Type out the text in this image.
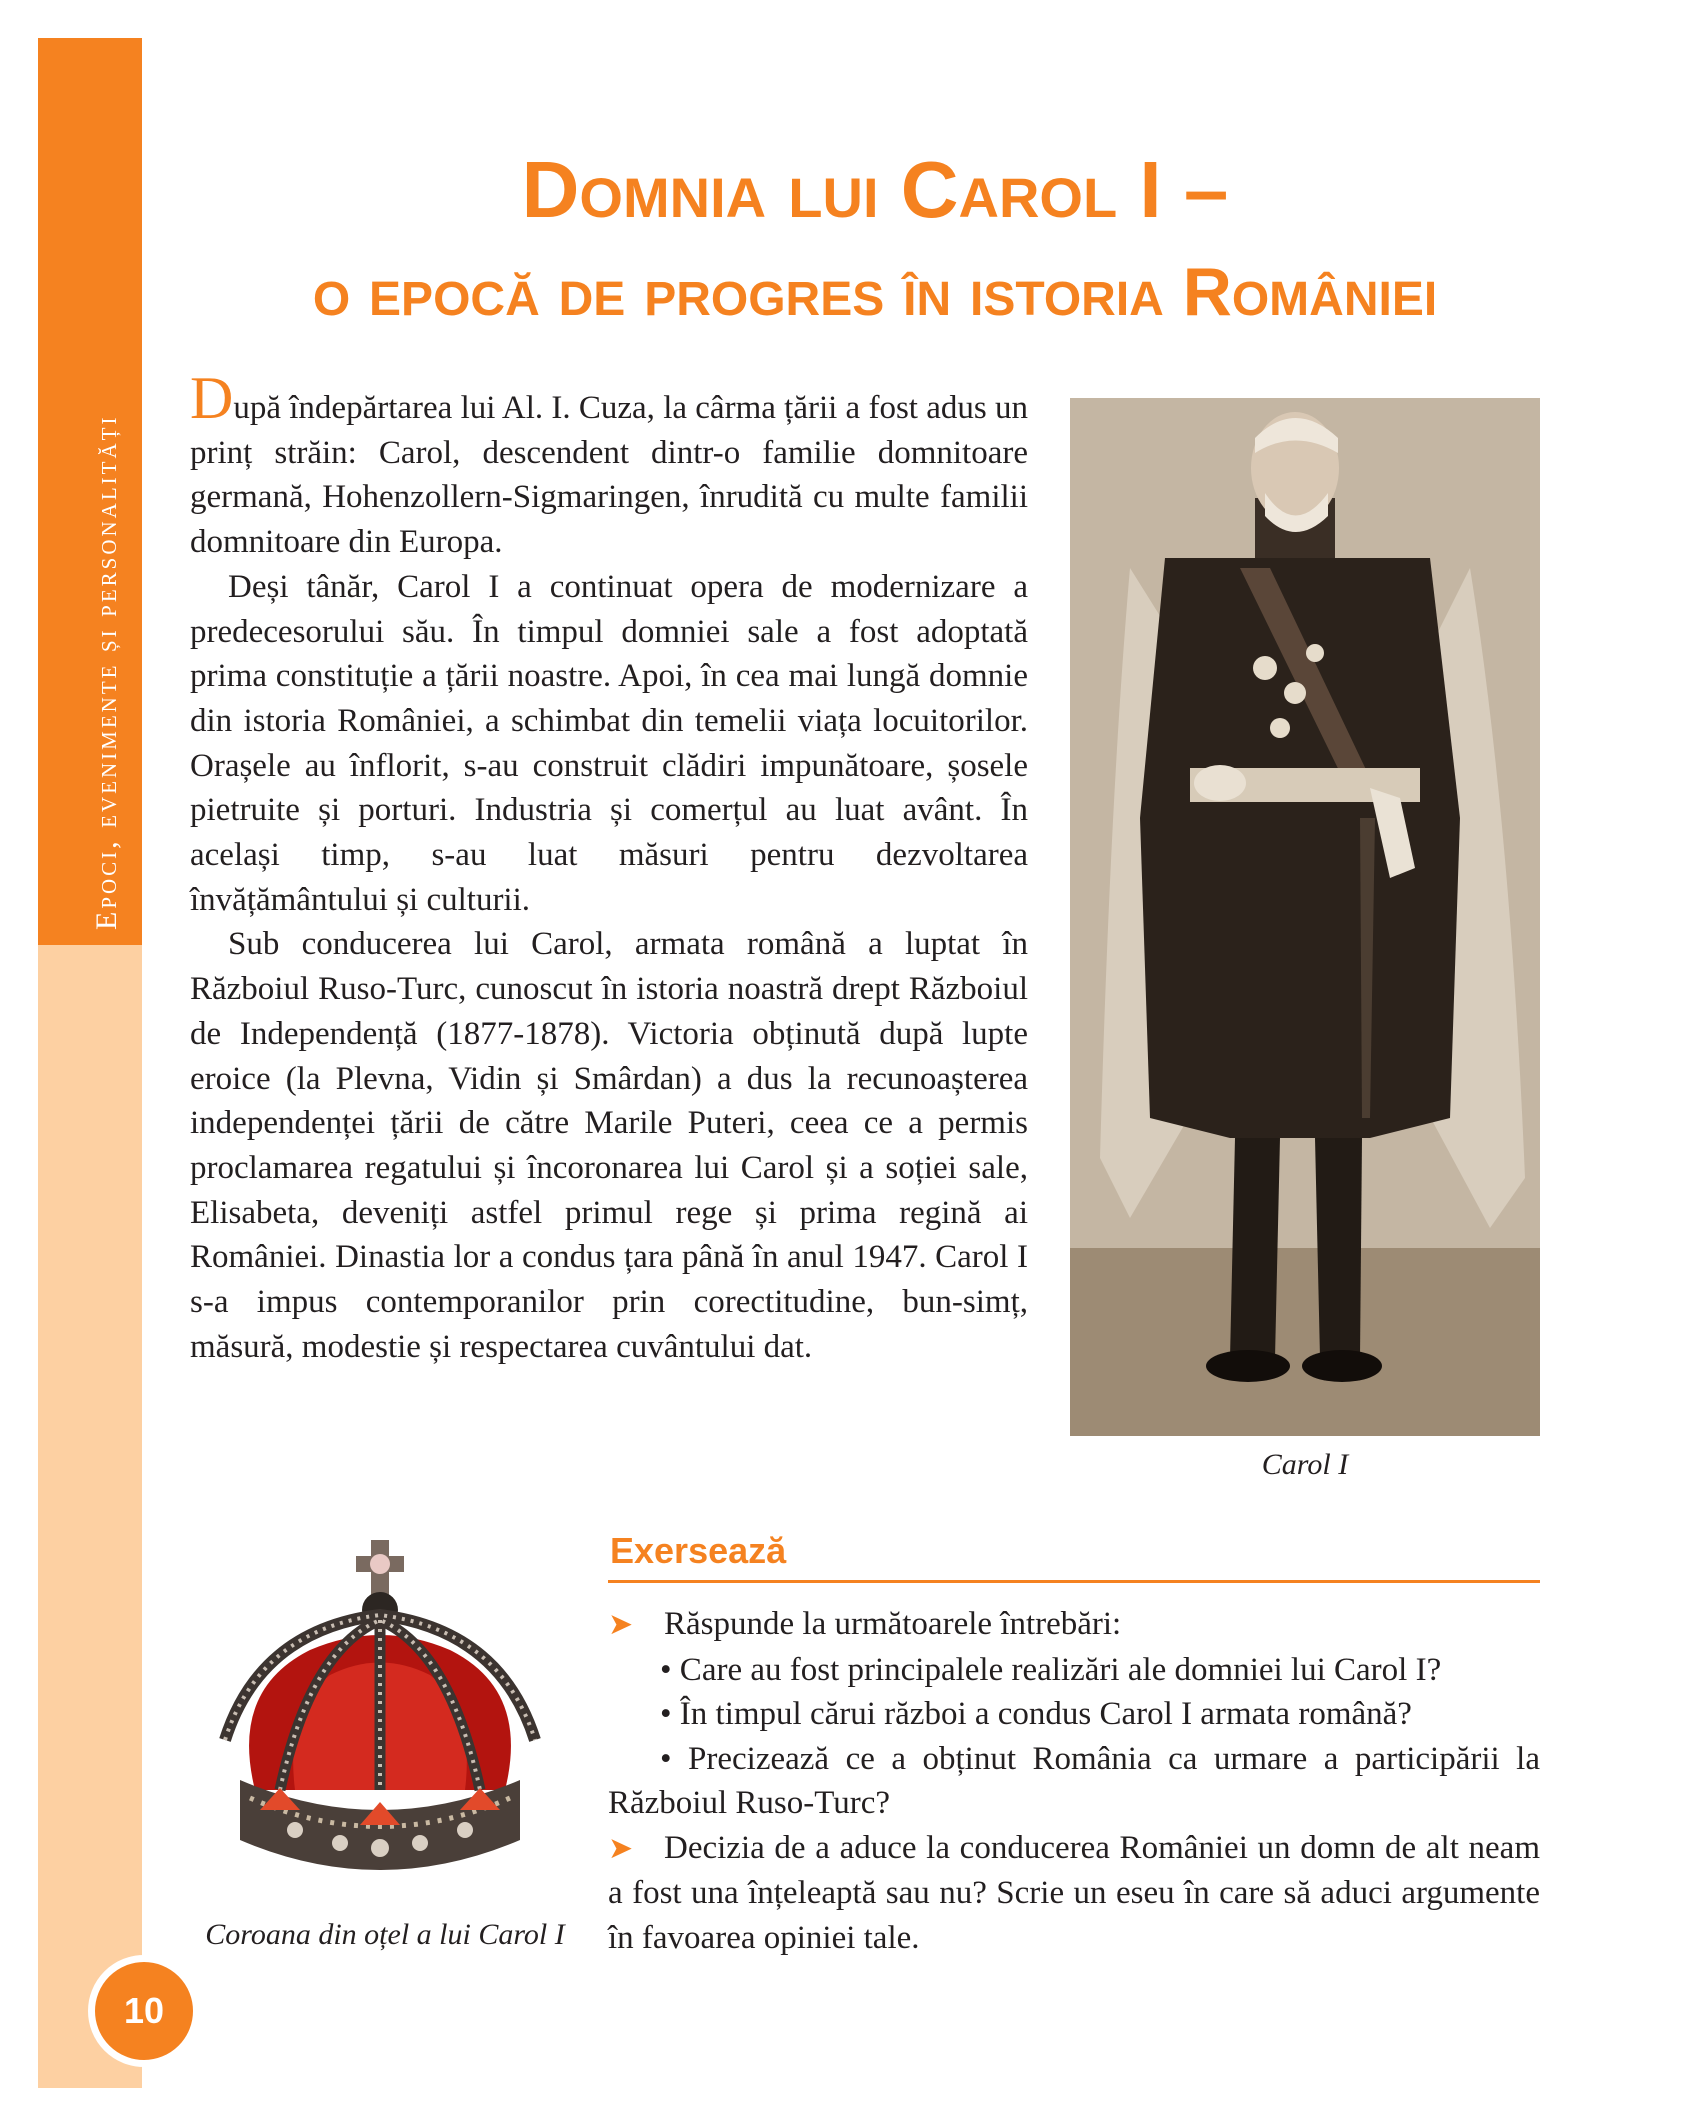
Epoci, evenimente și personalități
10
Domnia lui Carol I –
o epocă de progres în istoria României

După îndepărtarea lui Al. I. Cuza, la cârma țării a fost adus un prinț străin: Carol, descendent dintr-o familie domnitoare germană, Hohenzollern-Sigmaringen, înrudită cu multe familii domnitoare din Europa.

Deși tânăr, Carol I a continuat opera de modernizare a predecesorului său. În timpul domniei sale a fost adoptată prima constituție a țării noastre. Apoi, în cea mai lungă domnie din istoria României, a schimbat din temelii viața locuitorilor. Orașele au înflorit, s-au construit clădiri impunătoare, șosele pietruite și porturi. Industria și comerțul au luat avânt. În același timp, s-au luat măsuri pentru dezvoltarea învățământului și culturii.

Sub conducerea lui Carol, armata română a luptat în Războiul Ruso-Turc, cunoscut în istoria noastră drept Războiul de Independență (1877-1878). Victoria obținută după lupte eroice (la Plevna, Vidin și Smârdan) a dus la recunoașterea independenței țării de către Marile Puteri, ceea ce a permis proclamarea regatului și încoronarea lui Carol și a soției sale, Elisabeta, deveniți astfel primul rege și prima regină ai României. Dinastia lor a condus țara până în anul 1947. Carol I s-a impus contemporanilor prin corectitudine, bun-simț, măsură, modestie și respectarea cuvântului dat.

Carol I
Coroana din oțel a lui Carol I
Exersează

➤ Răspunde la următoarele întrebări:

• Care au fost principalele realizări ale domniei lui Carol I?

• În timpul cărui război a condus Carol I armata română?

• Precizează ce a obținut România ca urmare a participării la Războiul Ruso-Turc?

➤ Decizia de a aduce la conducerea României un domn de alt neam a fost una înțeleaptă sau nu? Scrie un eseu în care să aduci argumente în favoarea opiniei tale.
